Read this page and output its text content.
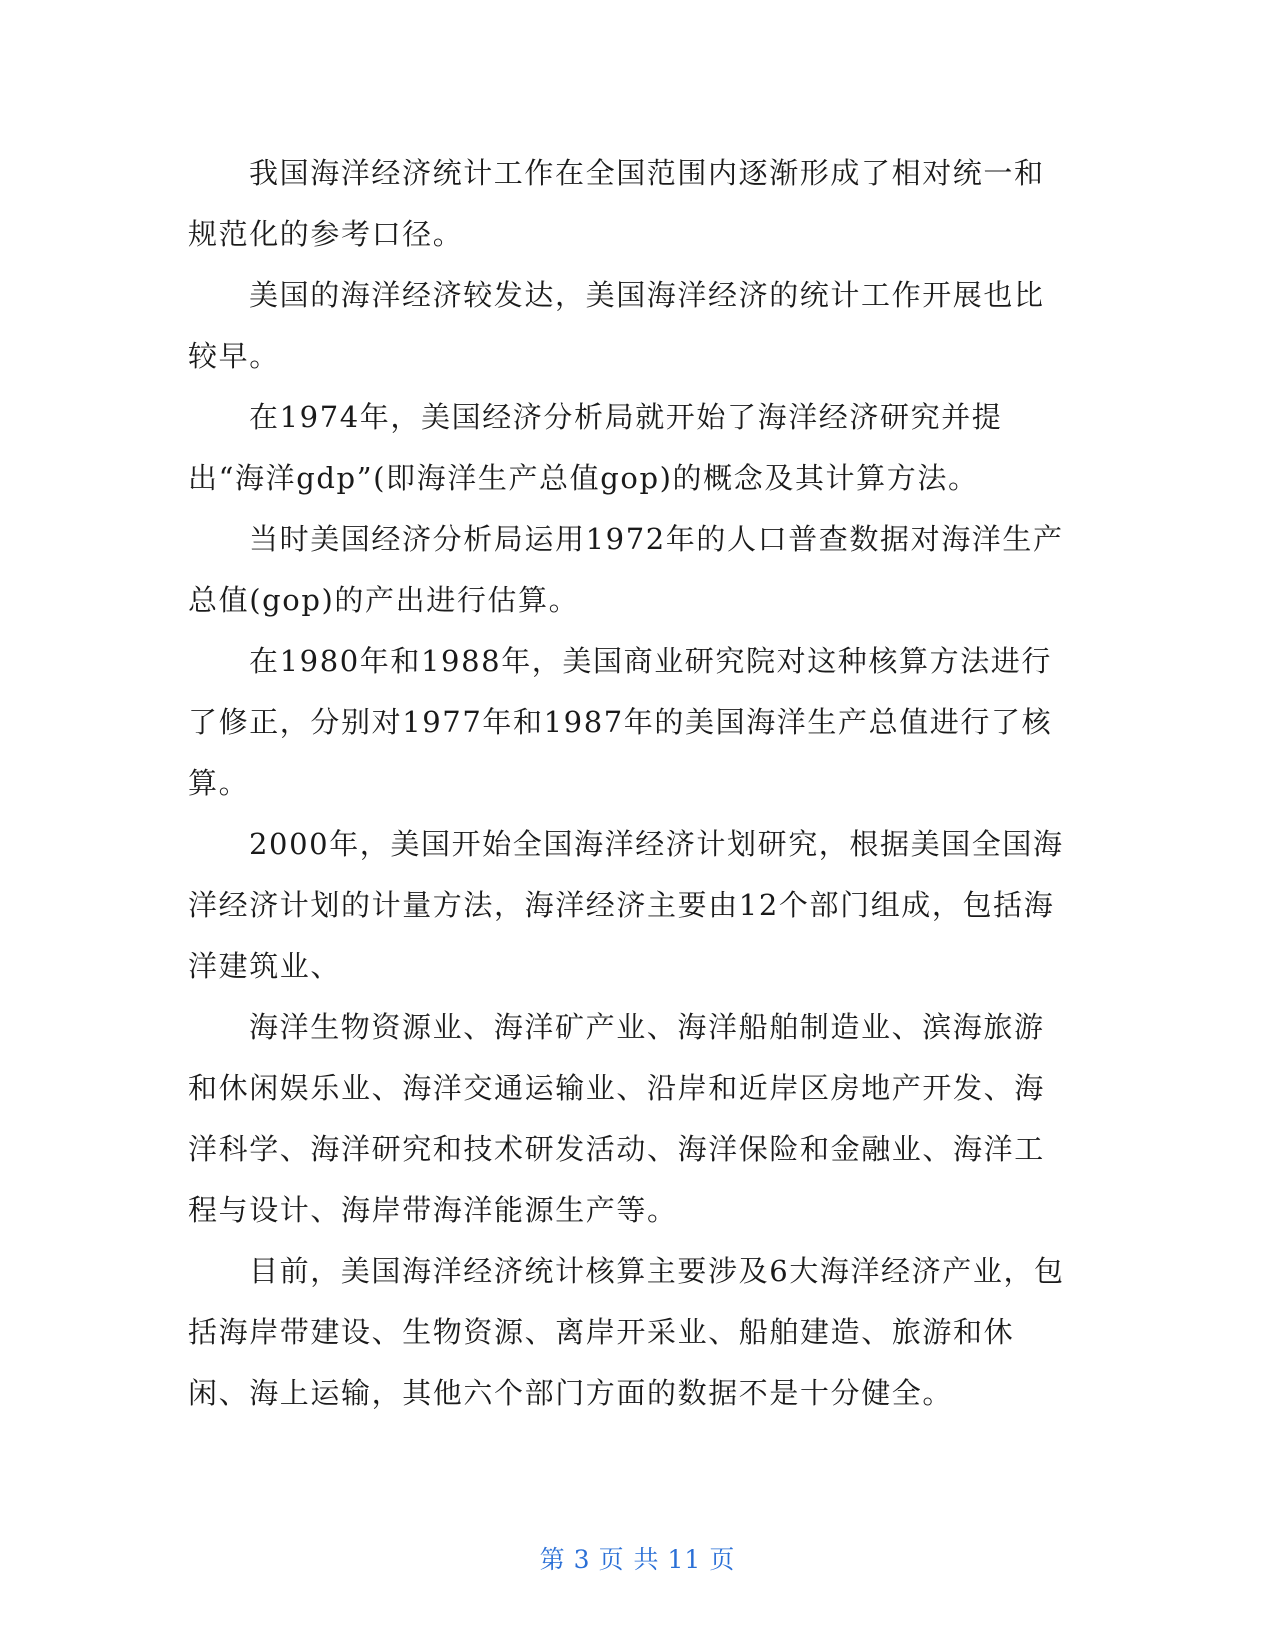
我国海洋经济统计工作在全国范围内逐渐形成了相对统一和规范化的参考口径。

美国的海洋经济较发达，美国海洋经济的统计工作开展也比较早。

在1974年，美国经济分析局就开始了海洋经济研究并提出“海洋gdp”(即海洋生产总值gop)的概念及其计算方法。

当时美国经济分析局运用1972年的人口普查数据对海洋生产总值(gop)的产出进行估算。

在1980年和1988年，美国商业研究院对这种核算方法进行了修正，分别对1977年和1987年的美国海洋生产总值进行了核算。

2000年，美国开始全国海洋经济计划研究，根据美国全国海洋经济计划的计量方法，海洋经济主要由12个部门组成，包括海洋建筑业、

海洋生物资源业、海洋矿产业、海洋船舶制造业、滨海旅游和休闲娱乐业、海洋交通运输业、沿岸和近岸区房地产开发、海洋科学、海洋研究和技术研发活动、海洋保险和金融业、海洋工程与设计、海岸带海洋能源生产等。

目前，美国海洋经济统计核算主要涉及6大海洋经济产业，包括海岸带建设、生物资源、离岸开采业、船舶建造、旅游和休闲、海上运输，其他六个部门方面的数据不是十分健全。

第 3 页 共 11 页
